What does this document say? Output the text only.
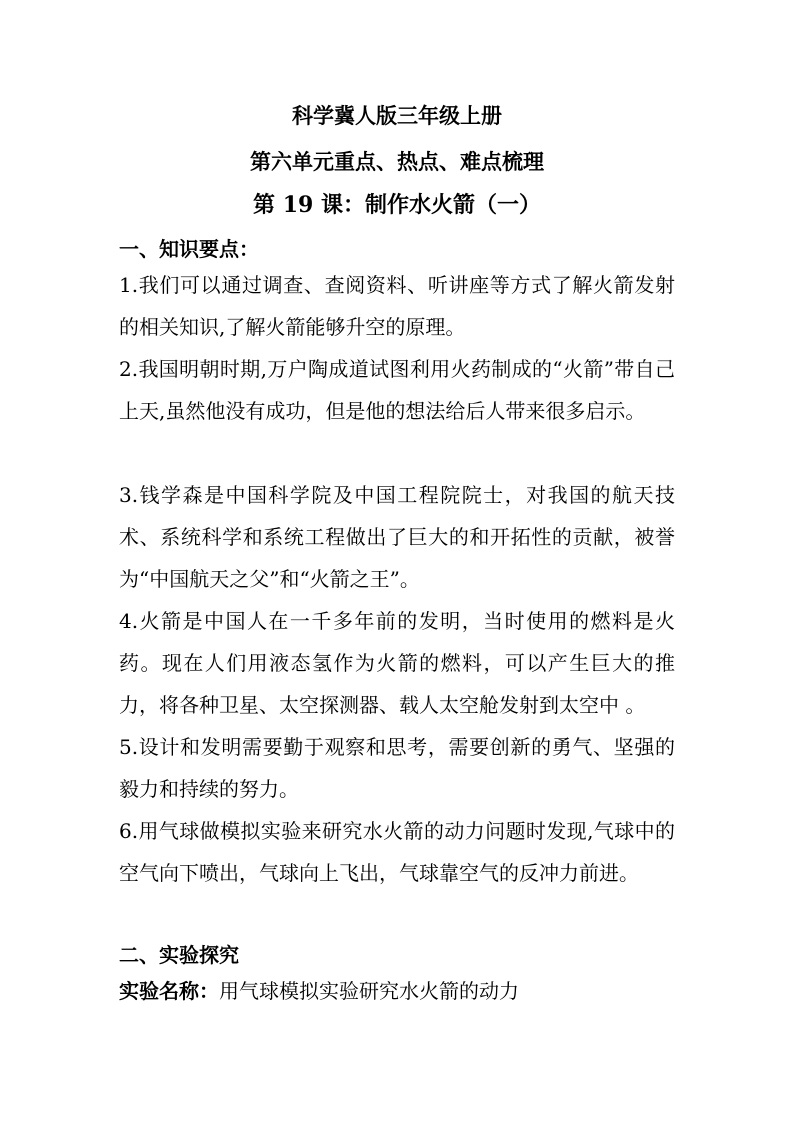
科学冀人版三年级上册
第六单元重点、热点、难点梳理
第 19 课：制作水火箭（一）
一、知识要点：
1.我们可以通过调查、查阅资料、听讲座等方式了解火箭发射的相关知识,了解火箭能够升空的原理。
2.我国明朝时期,万户陶成道试图利用火药制成的“火箭”带自己上天,虽然他没有成功，但是他的想法给后人带来很多启示。
3.钱学森是中国科学院及中国工程院院士，对我国的航天技术、系统科学和系统工程做出了巨大的和开拓性的贡献，被誉为“中国航天之父”和“火箭之王”。
4.火箭是中国人在一千多年前的发明，当时使用的燃料是火药。现在人们用液态氢作为火箭的燃料，可以产生巨大的推力，将各种卫星、太空探测器、载人太空舱发射到太空中 。
5.设计和发明需要勤于观察和思考，需要创新的勇气、坚强的毅力和持续的努力。
6.用气球做模拟实验来研究水火箭的动力问题时发现,气球中的空气向下喷出，气球向上飞出，气球靠空气的反冲力前进。
二、实验探究
实验名称：用气球模拟实验研究水火箭的动力
